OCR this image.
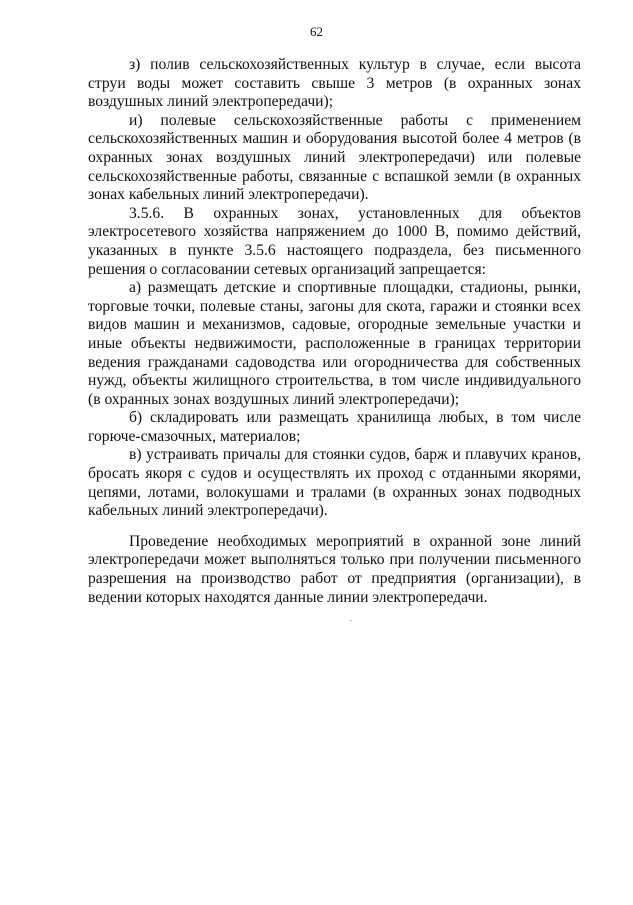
62

з) полив сельскохозяйственных культур в случае, если высота струи воды может составить свыше 3 метров (в охранных зонах воздушных линий электропередачи);

и) полевые сельскохозяйственные работы с применением сельскохозяйственных машин и оборудования высотой более 4 метров (в охранных зонах воздушных линий электропередачи) или полевые сельскохозяйственные работы, связанные с вспашкой земли (в охранных зонах кабельных линий электропередачи).

3.5.6. В охранных зонах, установленных для объектов электросетевого хозяйства напряжением до 1000 В, помимо действий, указанных в пункте 3.5.6 настоящего подраздела, без письменного решения о согласовании сетевых организаций запрещается:

а) размещать детские и спортивные площадки, стадионы, рынки, торговые точки, полевые станы, загоны для скота, гаражи и стоянки всех видов машин и механизмов, садовые, огородные земельные участки и иные объекты недвижимости, расположенные в границах территории ведения гражданами садоводства или огородничества для собственных нужд, объекты жилищного строительства, в том числе индивидуального (в охранных зонах воздушных линий электропередачи);

б) складировать или размещать хранилища любых, в том числе горюче-смазочных, материалов;

в) устраивать причалы для стоянки судов, барж и плавучих кранов, бросать якоря с судов и осуществлять их проход с отданными якорями, цепями, лотами, волокушами и тралами (в охранных зонах подводных кабельных линий электропередачи).

Проведение необходимых мероприятий в охранной зоне линий электропередачи может выполняться только при получении письменного разрешения на производство работ от предприятия (организации), в ведении которых находятся данные линии электропередачи.
